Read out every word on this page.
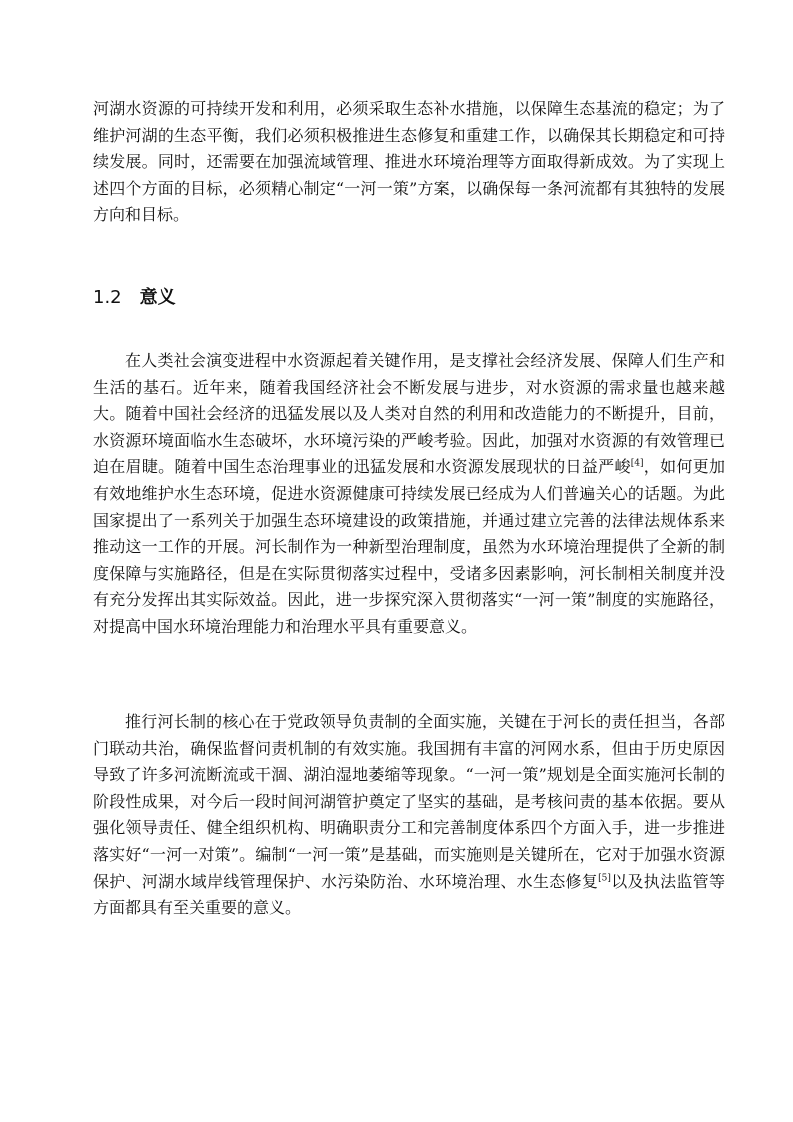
河湖水资源的可持续开发和利用，必须采取生态补水措施，以保障生态基流的稳定；为了维护河湖的生态平衡，我们必须积极推进生态修复和重建工作，以确保其长期稳定和可持续发展。同时，还需要在加强流域管理、推进水环境治理等方面取得新成效。为了实现上述四个方面的目标，必须精心制定“一河一策”方案，以确保每一条河流都有其独特的发展方向和目标。

1.2 意义

在人类社会演变进程中水资源起着关键作用，是支撑社会经济发展、保障人们生产和生活的基石。近年来，随着我国经济社会不断发展与进步，对水资源的需求量也越来越大。随着中国社会经济的迅猛发展以及人类对自然的利用和改造能力的不断提升，目前，水资源环境面临水生态破坏，水环境污染的严峻考验。因此，加强对水资源的有效管理已迫在眉睫。随着中国生态治理事业的迅猛发展和水资源发展现状的日益严峻[4]，如何更加有效地维护水生态环境，促进水资源健康可持续发展已经成为人们普遍关心的话题。为此国家提出了一系列关于加强生态环境建设的政策措施，并通过建立完善的法律法规体系来推动这一工作的开展。河长制作为一种新型治理制度，虽然为水环境治理提供了全新的制度保障与实施路径，但是在实际贯彻落实过程中，受诸多因素影响，河长制相关制度并没有充分发挥出其实际效益。因此，进一步探究深入贯彻落实“一河一策”制度的实施路径，对提高中国水环境治理能力和治理水平具有重要意义。

推行河长制的核心在于党政领导负责制的全面实施，关键在于河长的责任担当，各部门联动共治，确保监督问责机制的有效实施。我国拥有丰富的河网水系，但由于历史原因导致了许多河流断流或干涸、湖泊湿地萎缩等现象。“一河一策”规划是全面实施河长制的阶段性成果，对今后一段时间河湖管护奠定了坚实的基础，是考核问责的基本依据。要从强化领导责任、健全组织机构、明确职责分工和完善制度体系四个方面入手，进一步推进落实好“一河一对策”。编制“一河一策”是基础，而实施则是关键所在，它对于加强水资源保护、河湖水域岸线管理保护、水污染防治、水环境治理、水生态修复[5]以及执法监管等方面都具有至关重要的意义。
